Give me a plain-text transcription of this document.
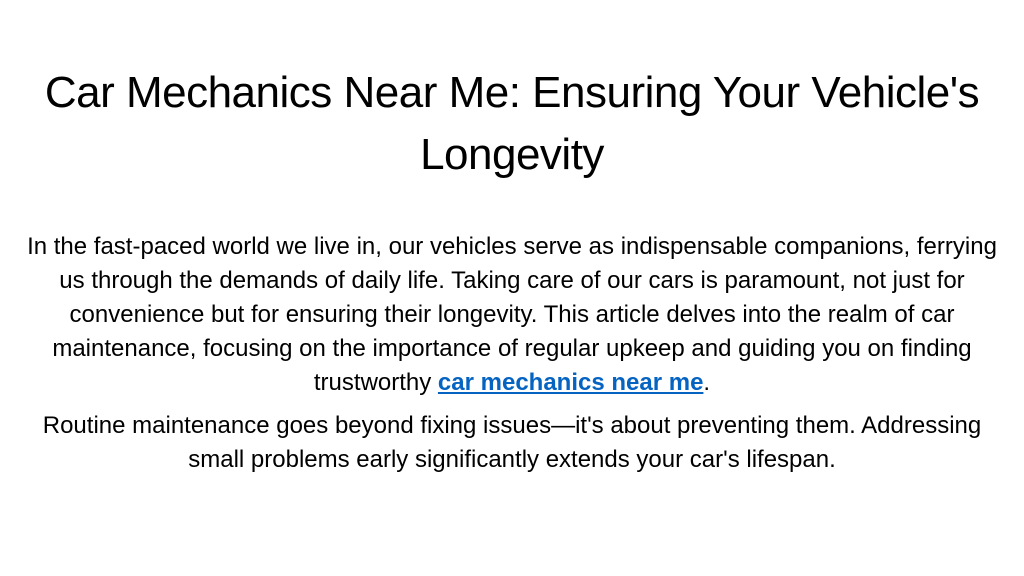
Car Mechanics Near Me: Ensuring Your Vehicle's Longevity

In the fast-paced world we live in, our vehicles serve as indispensable companions, ferrying us through the demands of daily life. Taking care of our cars is paramount, not just for convenience but for ensuring their longevity. This article delves into the realm of car maintenance, focusing on the importance of regular upkeep and guiding you on finding trustworthy car mechanics near me.

Routine maintenance goes beyond fixing issues—it's about preventing them. Addressing small problems early significantly extends your car's lifespan.
